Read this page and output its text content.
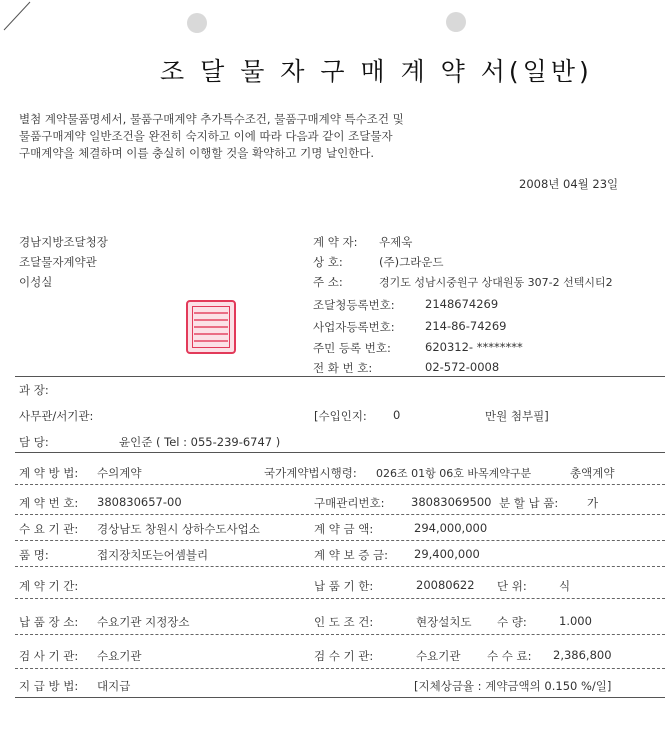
조 달 물 자 구 매 계 약 서(일반)
별첨 계약물품명세서, 물품구매계약 추가특수조건, 물품구매계약 특수조건 및
물품구매계약 일반조건을 완전히 숙지하고 이에 따라 다음과 같이 조달물자
구매계약을 체결하며 이를 충실히 이행할 것을 확약하고 기명 날인한다.
2008년 04월 23일
경남지방조달청장
조달물자계약관
이성실
계 약 자: 우제욱
상 호:	(주)그라운드
주 소:	경기도 성남시중원구 상대원동 307-2 선텍시티2
조달청등록번호:	2148674269
사업자등록번호:	214-86-74269
주민 등록 번호:	620312- ********
전 화 번 호:	02-572-0008
과 장:
사무관/서기관:	[수입인지: 0	만원 첨부필]
담 당:	윤인준 ( Tel : 055-239-6747 )
계 약 방 법: 수의계약	국가계약법시행령: 026조 01항 06호 바목계약구분	총액계약
계 약 번 호: 380830657-00	구매관리번호: 38083069500 분 할 납 품: 가
수 요 기 관: 경상남도 창원시 상하수도사업소	계 약 금 액:	294,000,000
품 명:	접지장치또는어셈블리	계 약 보 증 금: 29,400,000
계 약 기 간:	납 품 기 한:	20080622 단 위:	식
납 품 장 소: 수요기관 지정장소	인 도 조 건:	현장설치도 수 량:	1.000
검 사 기 관: 수요기관	검 수 기 관:	수요기관 수 수 료: 2,386,800
지 급 방 법: 대지급	[지체상금율 : 계약금액의 0.150 %/일]
